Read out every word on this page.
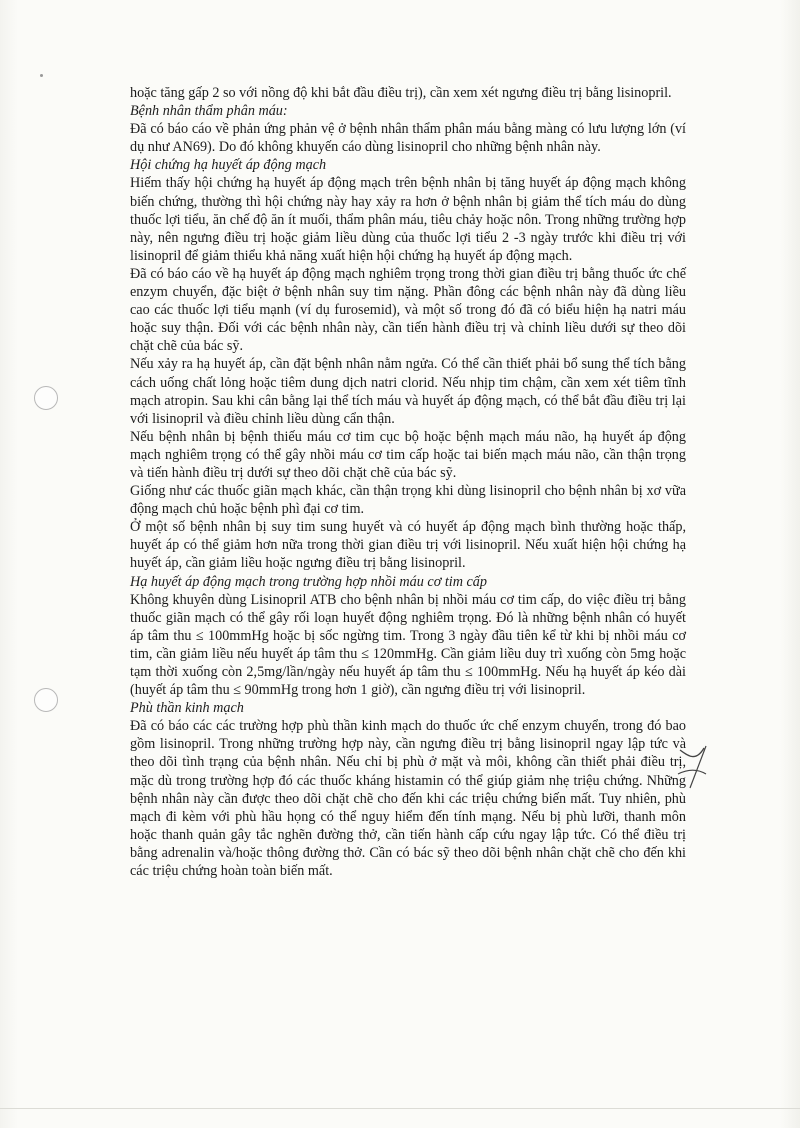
hoặc tăng gấp 2 so với nồng độ khi bắt đầu điều trị), cần xem xét ngưng điều trị bằng lisinopril.

Bệnh nhân thẩm phân máu:

Đã có báo cáo về phản ứng phản vệ ở bệnh nhân thẩm phân máu bằng màng có lưu lượng lớn (ví dụ như AN69). Do đó không khuyến cáo dùng lisinopril cho những bệnh nhân này.

Hội chứng hạ huyết áp động mạch

Hiếm thấy hội chứng hạ huyết áp động mạch trên bệnh nhân bị tăng huyết áp động mạch không biến chứng, thường thì hội chứng này hay xảy ra hơn ở bệnh nhân bị giảm thể tích máu do dùng thuốc lợi tiểu, ăn chế độ ăn ít muối, thẩm phân máu, tiêu chảy hoặc nôn. Trong những trường hợp này, nên ngưng điều trị hoặc giảm liều dùng của thuốc lợi tiểu 2 -3 ngày trước khi điều trị với lisinopril để giảm thiểu khả năng xuất hiện hội chứng hạ huyết áp động mạch.

Đã có báo cáo về hạ huyết áp động mạch nghiêm trọng trong thời gian điều trị bằng thuốc ức chế enzym chuyển, đặc biệt ở bệnh nhân suy tim nặng. Phần đông các bệnh nhân này đã dùng liều cao các thuốc lợi tiểu mạnh (ví dụ furosemid), và một số trong đó đã có biểu hiện hạ natri máu hoặc suy thận. Đối với các bệnh nhân này, cần tiến hành điều trị và chỉnh liều dưới sự theo dõi chặt chẽ của bác sỹ.

Nếu xảy ra hạ huyết áp, cần đặt bệnh nhân nằm ngửa. Có thể cần thiết phải bổ sung thể tích bằng cách uống chất lỏng hoặc tiêm dung dịch natri clorid. Nếu nhịp tim chậm, cần xem xét tiêm tĩnh mạch atropin. Sau khi cân bằng lại thể tích máu và huyết áp động mạch, có thể bắt đầu điều trị lại với lisinopril và điều chỉnh liều dùng cẩn thận.

Nếu bệnh nhân bị bệnh thiếu máu cơ tim cục bộ hoặc bệnh mạch máu não, hạ huyết áp động mạch nghiêm trọng có thể gây nhồi máu cơ tim cấp hoặc tai biến mạch máu não, cần thận trọng và tiến hành điều trị dưới sự theo dõi chặt chẽ của bác sỹ.

Giống như các thuốc giãn mạch khác, cần thận trọng khi dùng lisinopril cho bệnh nhân bị xơ vữa động mạch chủ hoặc bệnh phì đại cơ tim.

Ở một số bệnh nhân bị suy tim sung huyết và có huyết áp động mạch bình thường hoặc thấp, huyết áp có thể giảm hơn nữa trong thời gian điều trị với lisinopril. Nếu xuất hiện hội chứng hạ huyết áp, cần giảm liều hoặc ngưng điều trị bằng lisinopril.

Hạ huyết áp động mạch trong trường hợp nhồi máu cơ tim cấp

Không khuyên dùng Lisinopril ATB cho bệnh nhân bị nhồi máu cơ tim cấp, do việc điều trị bằng thuốc giãn mạch có thể gây rối loạn huyết động nghiêm trọng. Đó là những bệnh nhân có huyết áp tâm thu ≤ 100mmHg hoặc bị sốc ngừng tim. Trong 3 ngày đầu tiên kể từ khi bị nhồi máu cơ tim, cần giảm liều nếu huyết áp tâm thu ≤ 120mmHg. Cần giảm liều duy trì xuống còn 5mg hoặc tạm thời xuống còn 2,5mg/lần/ngày nếu huyết áp tâm thu ≤ 100mmHg. Nếu hạ huyết áp kéo dài (huyết áp tâm thu ≤ 90mmHg trong hơn 1 giờ), cần ngưng điều trị với lisinopril.

Phù thần kinh mạch

Đã có báo các các trường hợp phù thần kinh mạch do thuốc ức chế enzym chuyển, trong đó bao gồm lisinopril. Trong những trường hợp này, cần ngưng điều trị bằng lisinopril ngay lập tức và theo dõi tình trạng của bệnh nhân. Nếu chỉ bị phù ở mặt và môi, không cần thiết phải điều trị, mặc dù trong trường hợp đó các thuốc kháng histamin có thể giúp giảm nhẹ triệu chứng. Những bệnh nhân này cần được theo dõi chặt chẽ cho đến khi các triệu chứng biến mất. Tuy nhiên, phù mạch đi kèm với phù hầu họng có thể nguy hiểm đến tính mạng. Nếu bị phù lưỡi, thanh môn hoặc thanh quản gây tắc nghẽn đường thở, cần tiến hành cấp cứu ngay lập tức. Có thể điều trị bằng adrenalin và/hoặc thông đường thở. Cần có bác sỹ theo dõi bệnh nhân chặt chẽ cho đến khi các triệu chứng hoàn toàn biến mất.
